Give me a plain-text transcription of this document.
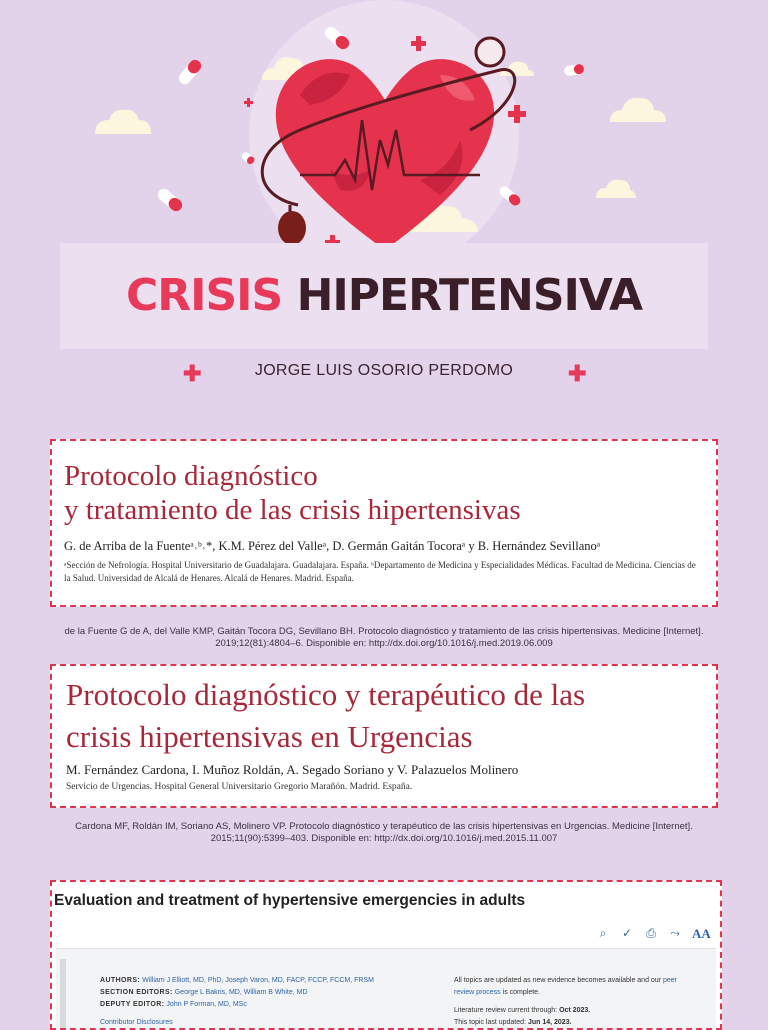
CRISIS HIPERTENSIVA
✚	JORGE LUIS OSORIO PERDOMO	✚
Protocolo diagnóstico
y tratamiento de las crisis hipertensivas
G. de Arriba de la Fuenteᵃ˒ᵇ˒*, K.M. Pérez del Valleᵃ, D. Germán Gaitán Tocoraᵃ y B. Hernández Sevillanoᵃ
ᵃSección de Nefrología. Hospital Universitario de Guadalajara. Guadalajara. España. ᵇDepartamento de Medicina y Especialidades Médicas. Facultad de Medicina. Ciencias de la Salud. Universidad de Alcalá de Henares. Alcalá de Henares. Madrid. España.
de la Fuente G de A, del Valle KMP, Gaitán Tocora DG, Sevillano BH. Protocolo diagnóstico y tratamiento de las crisis hipertensivas. Medicine [Internet].
2019;12(81):4804–6. Disponible en: http://dx.doi.org/10.1016/j.med.2019.06.009
Protocolo diagnóstico y terapéutico de las
crisis hipertensivas en Urgencias
M. Fernández Cardona, I. Muñoz Roldán, A. Segado Soriano y V. Palazuelos Molinero
Servicio de Urgencias. Hospital General Universitario Gregorio Marañón. Madrid. España.
Cardona MF, Roldán IM, Soriano AS, Molinero VP. Protocolo diagnóstico y terapéutico de las crisis hipertensivas en Urgencias. Medicine [Internet].
2015;11(90):5399–403. Disponible en: http://dx.doi.org/10.1016/j.med.2015.11.007
Evaluation and treatment of hypertensive emergencies in adults
⌕	✓ ⎙ ⤳ AA
AUTHORS: William J Elliott, MD, PhD, Joseph Varon, MD, FACP, FCCP, FCCM, FRSM
SECTION EDITORS: George L Bakris, MD, William B White, MD
DEPUTY EDITOR: John P Forman, MD, MSc
Contributor Disclosures
All topics are updated as new evidence becomes available and our peer
review process is complete.
Literature review current through: Oct 2023.
This topic last updated: Jun 14, 2023.
